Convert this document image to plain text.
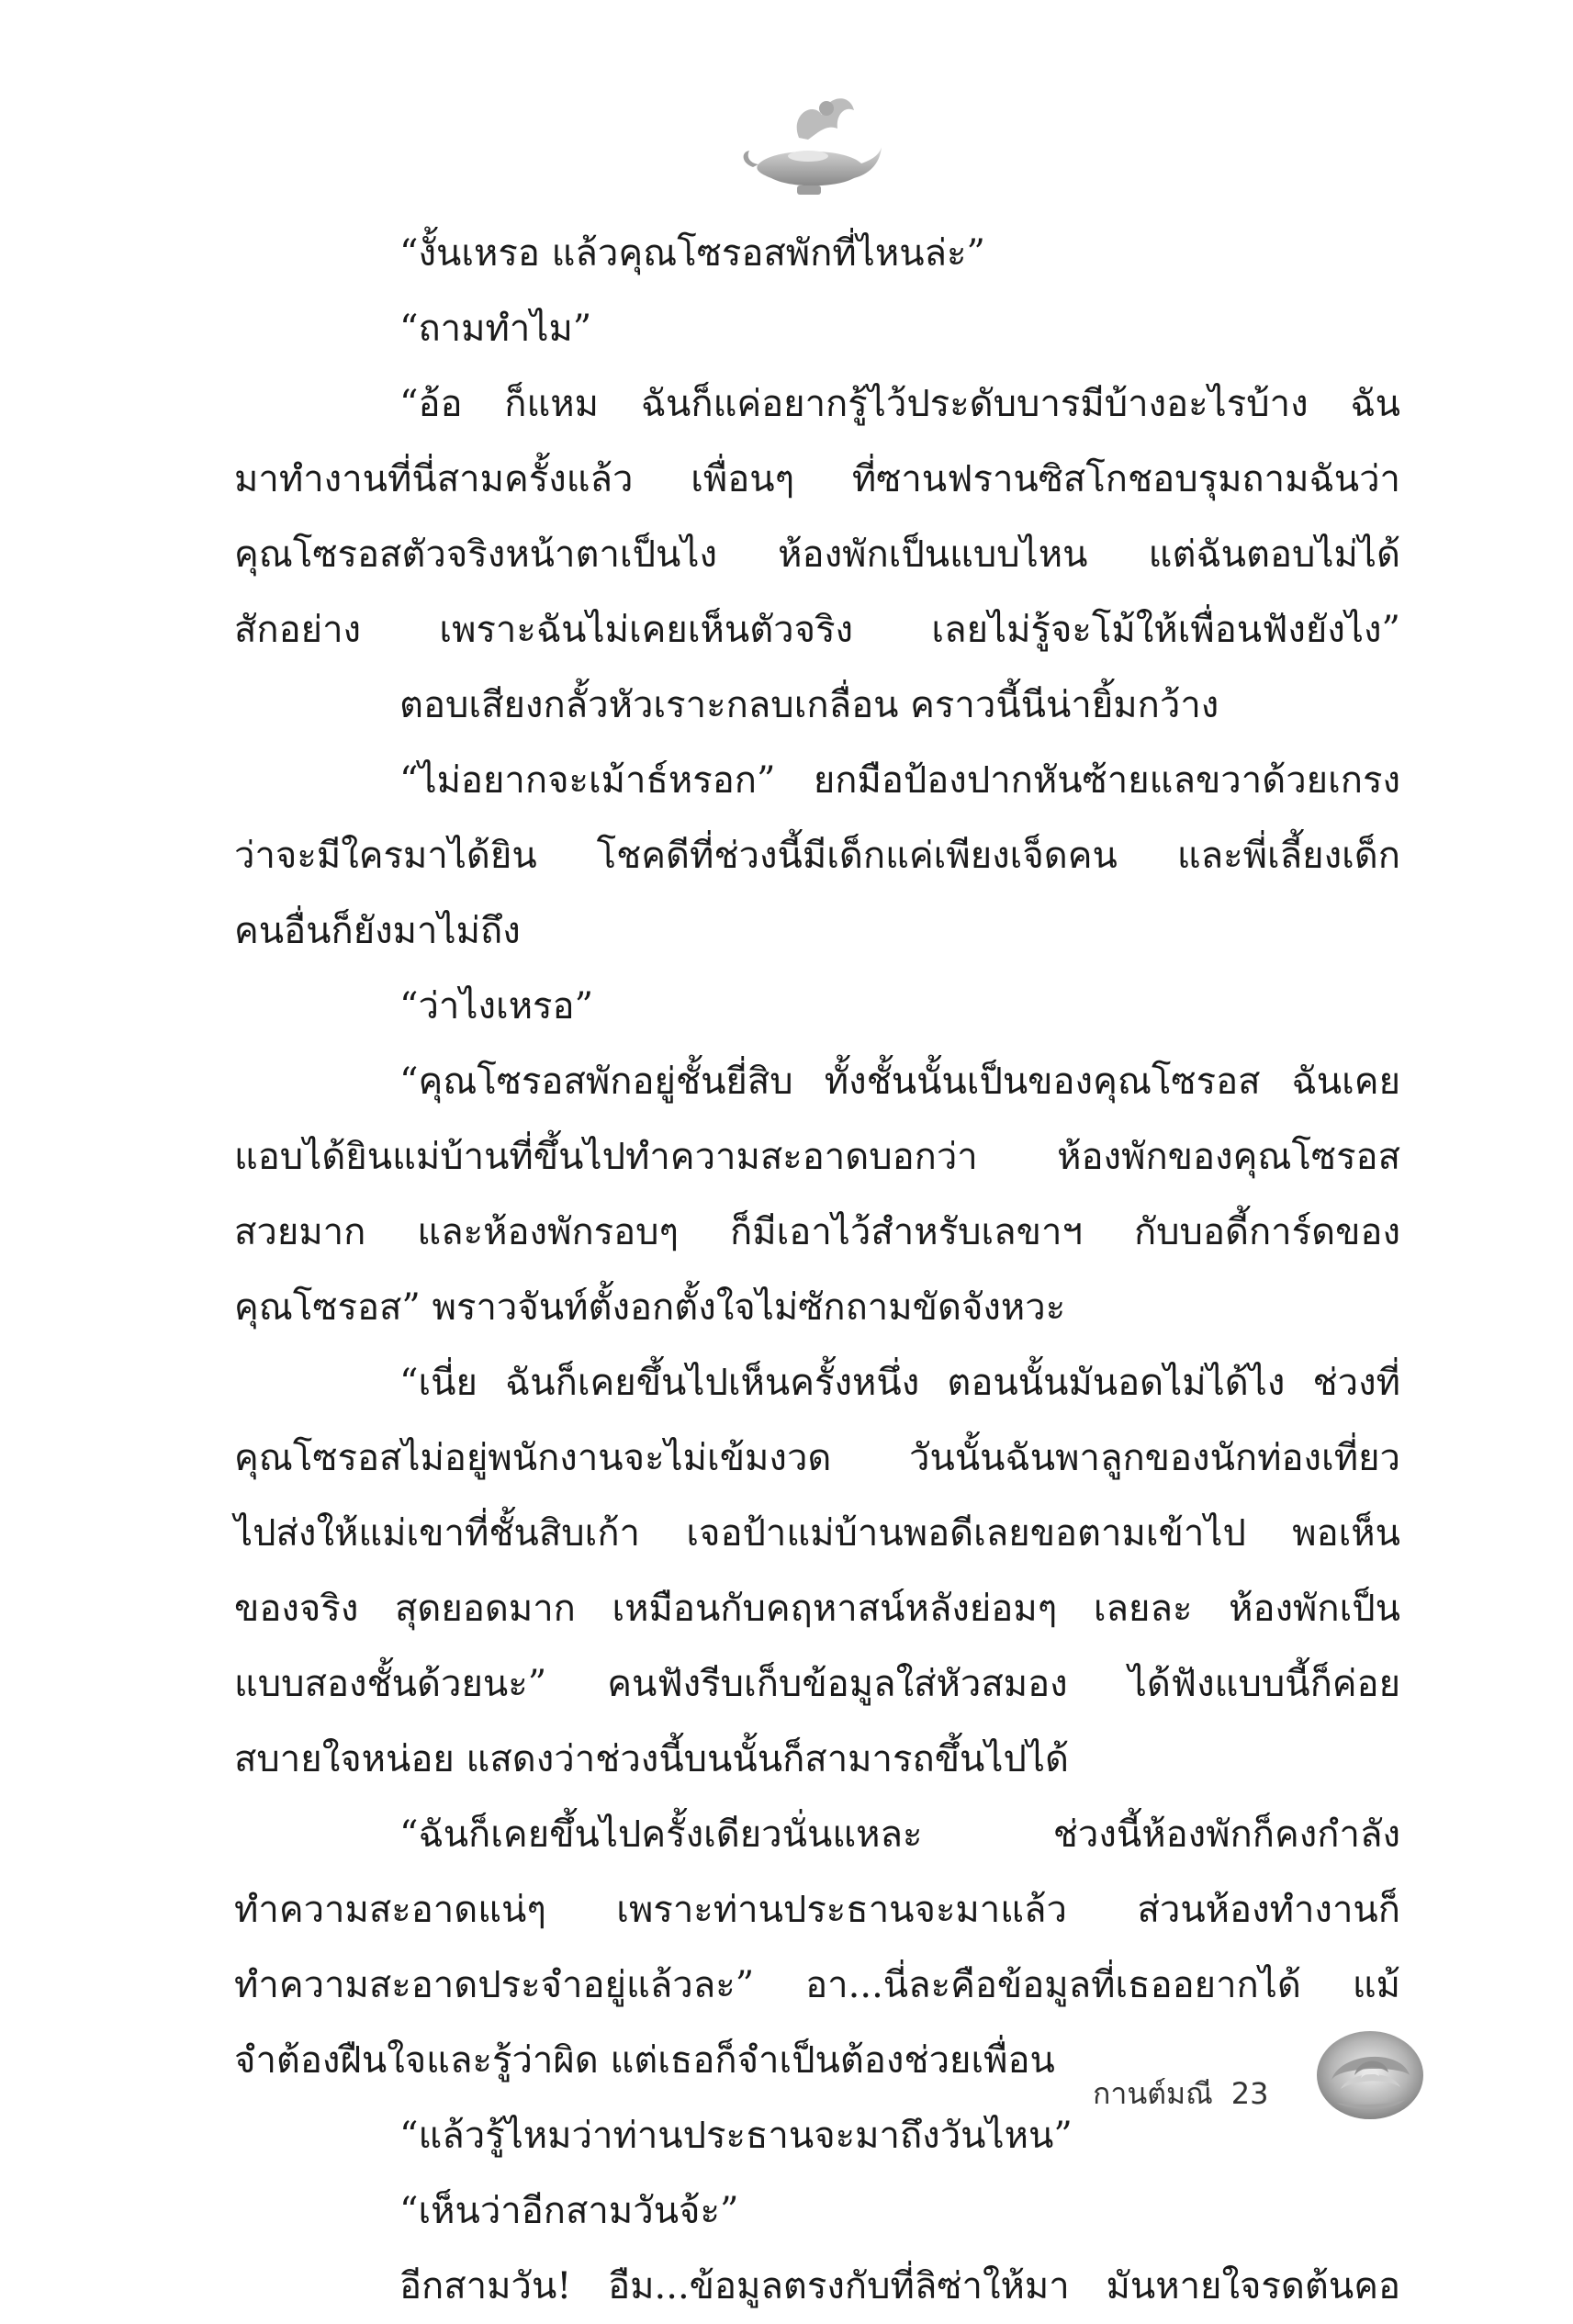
“งั้นเหรอ แล้วคุณโซรอสพักที่ไหนล่ะ”
“ถามทำไม”
“อ้อ ก็แหม ฉันก็แค่อยากรู้ไว้ประดับบารมีบ้างอะไรบ้าง ฉัน
มาทำงานที่นี่สามครั้งแล้ว เพื่อนๆ ที่ซานฟรานซิสโกชอบรุมถามฉันว่า
คุณโซรอสตัวจริงหน้าตาเป็นไง ห้องพักเป็นแบบไหน แต่ฉันตอบไม่ได้
สักอย่าง เพราะฉันไม่เคยเห็นตัวจริง เลยไม่รู้จะโม้ให้เพื่อนฟังยังไง”
ตอบเสียงกลั้วหัวเราะกลบเกลื่อน คราวนี้นีน่ายิ้มกว้าง
“ไม่อยากจะเม้าธ์หรอก” ยกมือป้องปากหันซ้ายแลขวาด้วยเกรง
ว่าจะมีใครมาได้ยิน โชคดีที่ช่วงนี้มีเด็กแค่เพียงเจ็ดคน และพี่เลี้ยงเด็ก
คนอื่นก็ยังมาไม่ถึง
“ว่าไงเหรอ”
“คุณโซรอสพักอยู่ชั้นยี่สิบ ทั้งชั้นนั้นเป็นของคุณโซรอส ฉันเคย
แอบได้ยินแม่บ้านที่ขึ้นไปทำความสะอาดบอกว่า ห้องพักของคุณโซรอส
สวยมาก และห้องพักรอบๆ ก็มีเอาไว้สำหรับเลขาฯ กับบอดี้การ์ดของ
คุณโซรอส” พราวจันท์ตั้งอกตั้งใจไม่ซักถามขัดจังหวะ
“เนี่ย ฉันก็เคยขึ้นไปเห็นครั้งหนึ่ง ตอนนั้นมันอดไม่ได้ไง ช่วงที่
คุณโซรอสไม่อยู่พนักงานจะไม่เข้มงวด วันนั้นฉันพาลูกของนักท่องเที่ยว
ไปส่งให้แม่เขาที่ชั้นสิบเก้า เจอป้าแม่บ้านพอดีเลยขอตามเข้าไป พอเห็น
ของจริง สุดยอดมาก เหมือนกับคฤหาสน์หลังย่อมๆ เลยละ ห้องพักเป็น
แบบสองชั้นด้วยนะ” คนฟังรีบเก็บข้อมูลใส่หัวสมอง ได้ฟังแบบนี้ก็ค่อย
สบายใจหน่อย แสดงว่าช่วงนี้บนนั้นก็สามารถขึ้นไปได้
“ฉันก็เคยขึ้นไปครั้งเดียวนั่นแหละ ช่วงนี้ห้องพักก็คงกำลัง
ทำความสะอาดแน่ๆ เพราะท่านประธานจะมาแล้ว ส่วนห้องทำงานก็
ทำความสะอาดประจำอยู่แล้วละ” อา...นี่ละคือข้อมูลที่เธออยากได้ แม้
จำต้องฝืนใจและรู้ว่าผิด แต่เธอก็จำเป็นต้องช่วยเพื่อน
“แล้วรู้ไหมว่าท่านประธานจะมาถึงวันไหน”
“เห็นว่าอีกสามวันจ้ะ”
อีกสามวัน! อืม...ข้อมูลตรงกับที่ลิซ่าให้มา มันหายใจรดต้นคอ
กานต์มณี 23
